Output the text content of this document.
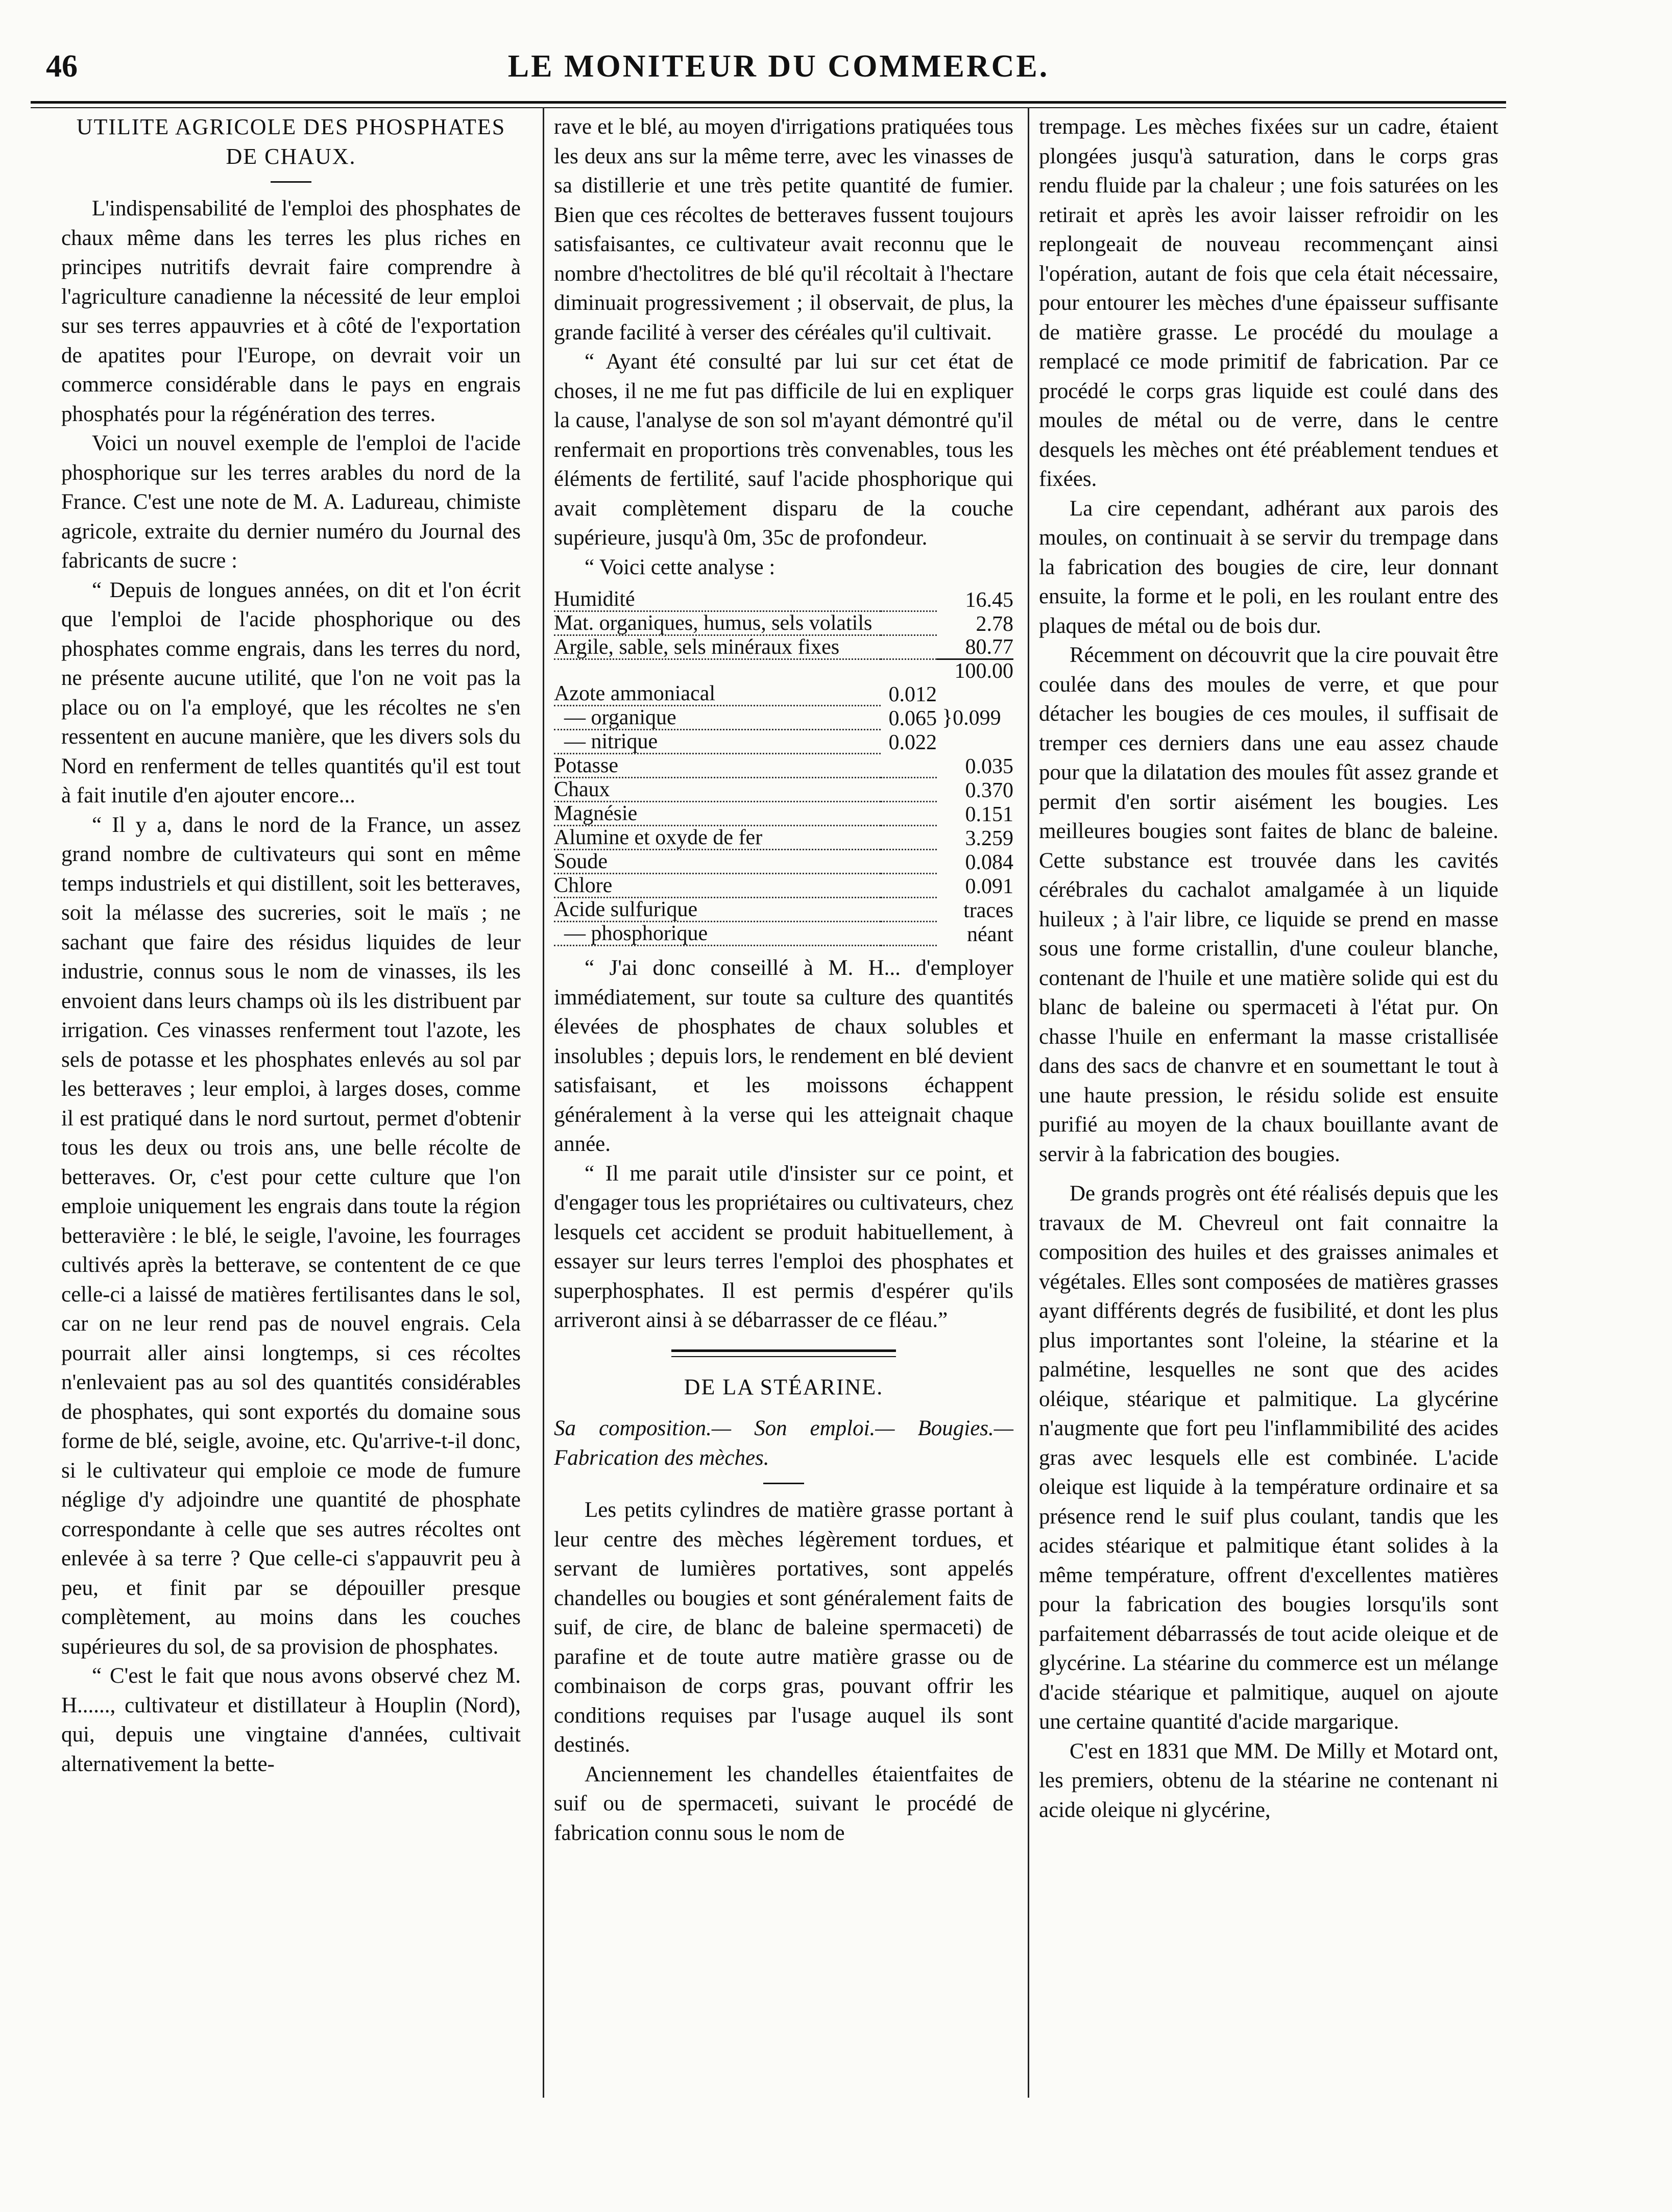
46	LE MONITEUR DU COMMERCE.

UTILITE AGRICOLE DES PHOSPHATES DE CHAUX.

L'indispensabilité de l'emploi des phosphates de chaux même dans les terres les plus riches en principes nutritifs devrait faire comprendre à l'agriculture canadienne la nécessité de leur emploi sur ses terres appauvries et à côté de l'exportation de apatites pour l'Europe, on devrait voir un commerce considérable dans le pays en engrais phosphatés pour la régénération des terres.

Voici un nouvel exemple de l'emploi de l'acide phosphorique sur les terres arables du nord de la France. C'est une note de M. A. Ladureau, chimiste agricole, extraite du dernier numéro du Journal des fabricants de sucre :

“ Depuis de longues années, on dit et l'on écrit que l'emploi de l'acide phosphorique ou des phosphates comme engrais, dans les terres du nord, ne présente aucune utilité, que l'on ne voit pas la place ou on l'a employé, que les récoltes ne s'en ressentent en aucune manière, que les divers sols du Nord en renferment de telles quantités qu'il est tout à fait inutile d'en ajouter encore...

“ Il y a, dans le nord de la France, un assez grand nombre de cultivateurs qui sont en même temps industriels et qui distillent, soit les betteraves, soit la mélasse des sucreries, soit le maïs ; ne sachant que faire des résidus liquides de leur industrie, connus sous le nom de vinasses, ils les envoient dans leurs champs où ils les distribuent par irrigation. Ces vinasses renferment tout l'azote, les sels de potasse et les phosphates enlevés au sol par les betteraves ; leur emploi, à larges doses, comme il est pratiqué dans le nord surtout, permet d'obtenir tous les deux ou trois ans, une belle récolte de betteraves. Or, c'est pour cette culture que l'on emploie uniquement les engrais dans toute la région betteravière : le blé, le seigle, l'avoine, les fourrages cultivés après la betterave, se contentent de ce que celle-ci a laissé de matières fertilisantes dans le sol, car on ne leur rend pas de nouvel engrais. Cela pourrait aller ainsi longtemps, si ces récoltes n'enlevaient pas au sol des quantités considérables de phosphates, qui sont exportés du domaine sous forme de blé, seigle, avoine, etc. Qu'arrive-t-il donc, si le cultivateur qui emploie ce mode de fumure néglige d'y adjoindre une quantité de phosphate correspondante à celle que ses autres récoltes ont enlevée à sa terre ? Que celle-ci s'appauvrit peu à peu, et finit par se dépouiller presque complètement, au moins dans les couches supérieures du sol, de sa provision de phosphates.

“ C'est le fait que nous avons observé chez M. H......, cultivateur et distillateur à Houplin (Nord), qui, depuis une vingtaine d'années, cultivait alternativement la bette-

rave et le blé, au moyen d'irrigations pratiquées tous les deux ans sur la même terre, avec les vinasses de sa distillerie et une très petite quantité de fumier. Bien que ces récoltes de betteraves fussent toujours satisfaisantes, ce cultivateur avait reconnu que le nombre d'hectolitres de blé qu'il récoltait à l'hectare diminuait progressivement ; il observait, de plus, la grande facilité à verser des céréales qu'il cultivait.

“ Ayant été consulté par lui sur cet état de choses, il ne me fut pas difficile de lui en expliquer la cause, l'analyse de son sol m'ayant démontré qu'il renfermait en proportions très convenables, tous les éléments de fertilité, sauf l'acide phosphorique qui avait complètement disparu de la couche supérieure, jusqu'à 0m, 35c de profondeur.

“ Voici cette analyse :

Humidité		16.45
Mat. organiques, humus, sels volatils		2.78
Argile, sable, sels minéraux fixes		80.77
		100.00
Azote ammoniacal	0.012	}0.099
— organique	0.065	
— nitrique	0.022	
Potasse		0.035
Chaux		0.370
Magnésie		0.151
Alumine et oxyde de fer		3.259
Soude		0.084
Chlore		0.091
Acide sulfurique		traces
— phosphorique		néant

“ J'ai donc conseillé à M. H... d'employer immédiatement, sur toute sa culture des quantités élevées de phosphates de chaux solubles et insolubles ; depuis lors, le rendement en blé devient satisfaisant, et les moissons échappent généralement à la verse qui les atteignait chaque année.

“ Il me parait utile d'insister sur ce point, et d'engager tous les propriétaires ou cultivateurs, chez lesquels cet accident se produit habituellement, à essayer sur leurs terres l'emploi des phosphates et superphosphates. Il est permis d'espérer qu'ils arriveront ainsi à se débarrasser de ce fléau.”

DE LA STÉARINE.

Sa composition.— Son emploi.— Bougies.— Fabrication des mèches.

Les petits cylindres de matière grasse portant à leur centre des mèches légèrement tordues, et servant de lumières portatives, sont appelés chandelles ou bougies et sont généralement faits de suif, de cire, de blanc de baleine spermaceti) de parafine et de toute autre matière grasse ou de combinaison de corps gras, pouvant offrir les conditions requises par l'usage auquel ils sont destinés.

Anciennement les chandelles étaientfaites de suif ou de spermaceti, suivant le procédé de fabrication connu sous le nom de

trempage. Les mèches fixées sur un cadre, étaient plongées jusqu'à saturation, dans le corps gras rendu fluide par la chaleur ; une fois saturées on les retirait et après les avoir laisser refroidir on les replongeait de nouveau recommençant ainsi l'opération, autant de fois que cela était nécessaire, pour entourer les mèches d'une épaisseur suffisante de matière grasse. Le procédé du moulage a remplacé ce mode primitif de fabrication. Par ce procédé le corps gras liquide est coulé dans des moules de métal ou de verre, dans le centre desquels les mèches ont été préablement tendues et fixées.

La cire cependant, adhérant aux parois des moules, on continuait à se servir du trempage dans la fabrication des bougies de cire, leur donnant ensuite, la forme et le poli, en les roulant entre des plaques de métal ou de bois dur.

Récemment on découvrit que la cire pouvait être coulée dans des moules de verre, et que pour détacher les bougies de ces moules, il suffisait de tremper ces derniers dans une eau assez chaude pour que la dilatation des moules fût assez grande et permit d'en sortir aisément les bougies. Les meilleures bougies sont faites de blanc de baleine. Cette substance est trouvée dans les cavités cérébrales du cachalot amalgamée à un liquide huileux ; à l'air libre, ce liquide se prend en masse sous une forme cristallin, d'une couleur blanche, contenant de l'huile et une matière solide qui est du blanc de baleine ou spermaceti à l'état pur. On chasse l'huile en enfermant la masse cristallisée dans des sacs de chanvre et en soumettant le tout à une haute pression, le résidu solide est ensuite purifié au moyen de la chaux bouillante avant de servir à la fabrication des bougies.

De grands progrès ont été réalisés depuis que les travaux de M. Chevreul ont fait connaitre la composition des huiles et des graisses animales et végétales. Elles sont composées de matières grasses ayant différents degrés de fusibilité, et dont les plus plus importantes sont l'oleine, la stéarine et la palmétine, lesquelles ne sont que des acides oléique, stéarique et palmitique. La glycérine n'augmente que fort peu l'inflammibilité des acides gras avec lesquels elle est combinée. L'acide oleique est liquide à la température ordinaire et sa présence rend le suif plus coulant, tandis que les acides stéarique et palmitique étant solides à la même température, offrent d'excellentes matières pour la fabrication des bougies lorsqu'ils sont parfaitement débarrassés de tout acide oleique et de glycérine. La stéarine du commerce est un mélange d'acide stéarique et palmitique, auquel on ajoute une certaine quantité d'acide margarique.

C'est en 1831 que MM. De Milly et Motard ont, les premiers, obtenu de la stéarine ne contenant ni acide oleique ni glycérine,
